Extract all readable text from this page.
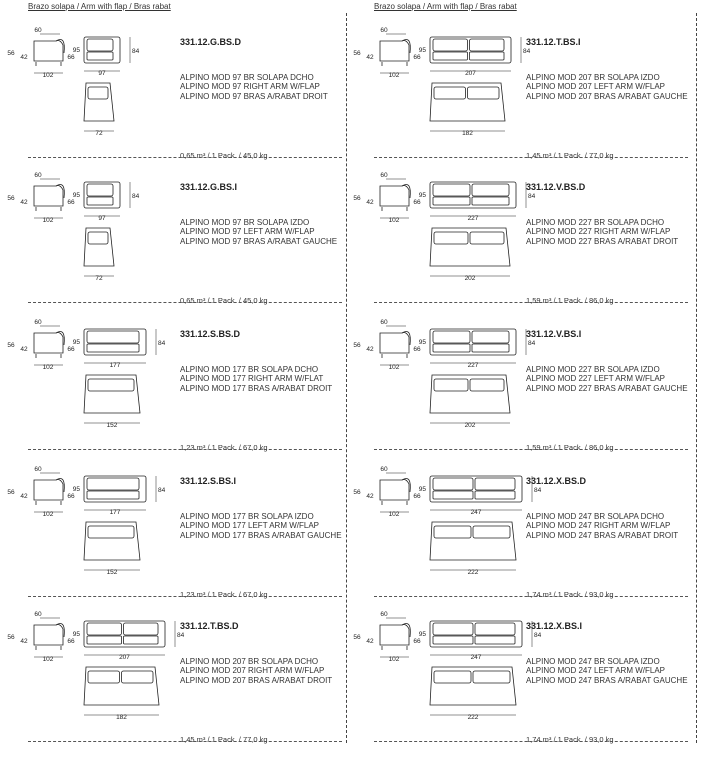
Brazo solapa / Arm with flap / Bras rabat
60
56
42	66
102
95
97
84
72
331.12.G.BS.D
ALPINO MOD 97 BR SOLAPA DCHO
ALPINO MOD 97 RIGHT ARM W/FLAP
ALPINO MOD 97 BRAS A/RABAT DROIT
0,65 m³ / 1 Pack. / 45,0 kg
60
56
42	66
102
95
97
84
72
331.12.G.BS.I
ALPINO MOD 97 BR SOLAPA IZDO
ALPINO MOD 97 LEFT ARM W/FLAP
ALPINO MOD 97 BRAS A/RABAT GAUCHE
0,65 m³ / 1 Pack. / 45,0 kg
60
56
42	66
102
95
177
84
152
331.12.S.BS.D
ALPINO MOD 177 BR SOLAPA DCHO
ALPINO MOD 177 RIGHT ARM W/FLAT
ALPINO MOD 177 BRAS A/RABAT DROIT
1,23 m³ / 1 Pack. / 67,0 kg
60
56
42	66
102
95
177
84
152
331.12.S.BS.I
ALPINO MOD 177 BR SOLAPA IZDO
ALPINO MOD 177 LEFT ARM W/FLAP
ALPINO MOD 177 BRAS A/RABAT GAUCHE
1,23 m³ / 1 Pack. / 67,0 kg
60
56
42	66
102
95
207
84
182
331.12.T.BS.D
ALPINO MOD 207 BR SOLAPA DCHO
ALPINO MOD 207 RIGHT ARM W/FLAP
ALPINO MOD 207 BRAS A/RABAT DROIT
1,45 m³ / 1 Pack. / 77,0 kg
Brazo solapa / Arm with flap / Bras rabat
60
56
42	66
102
95
207
84
182
331.12.T.BS.I
ALPINO MOD 207 BR SOLAPA IZDO
ALPINO MOD 207 LEFT ARM W/FLAP
ALPINO MOD 207 BRAS A/RABAT GAUCHE
1,45 m³ / 1 Pack. / 77,0 kg
60
56
42	66
102
95
227
84
202
331.12.V.BS.D
ALPINO MOD 227 BR SOLAPA DCHO
ALPINO MOD 227 RIGHT ARM W/FLAP
ALPINO MOD 227 BRAS A/RABAT DROIT
1,59 m³ / 1 Pack. / 86,0 kg
60
56
42	66
102
95
227
84
202
331.12.V.BS.I
ALPINO MOD 227 BR SOLAPA IZDO
ALPINO MOD 227 LEFT ARM W/FLAP
ALPINO MOD 227 BRAS A/RABAT GAUCHE
1,59 m³ / 1 Pack. / 86,0 kg
60
56
42	66
102
95
247
84
222
331.12.X.BS.D
ALPINO MOD 247 BR SOLAPA DCHO
ALPINO MOD 247 RIGHT ARM W/FLAP
ALPINO MOD 247 BRAS A/RABAT DROIT
1,74 m³ / 1 Pack. / 93,0 kg
60
56
42	66
102
95
247
84
222
331.12.X.BS.I
ALPINO MOD 247 BR SOLAPA IZDO
ALPINO MOD 247 LEFT ARM W/FLAP
ALPINO MOD 247 BRAS A/RABAT GAUCHE
1,74 m³ / 1 Pack. / 93,0 kg
